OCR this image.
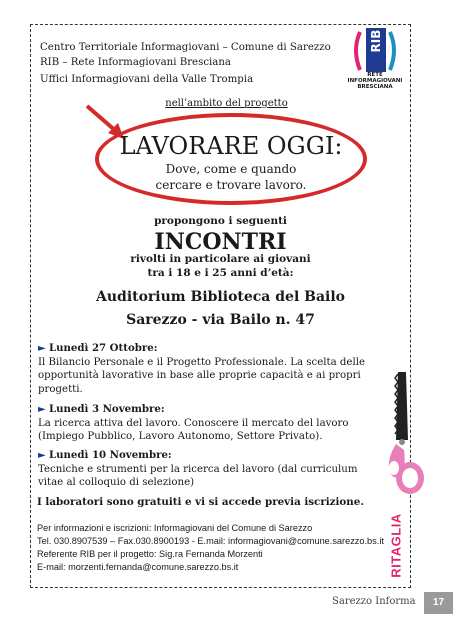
Centro Territoriale Informagiovani – Comune di Sarezzo
RIB – Rete Informagiovani Bresciana
Uffici Informagiovani della Valle Trompia
RIB
RETE
INFORMAGIOVANI
BRESCIANA
nell’ambito del progetto
LAVORARE OGGI:
Dove, come e quando
cercare e trovare lavoro.
propongono i seguenti
INCONTRI
rivolti in particolare ai giovani
tra i 18 e i 25 anni d’età:
Auditorium Biblioteca del Bailo
Sarezzo - via Bailo n. 47
► Lunedì 27 Ottobre:
Il Bilancio Personale e il Progetto Professionale. La scelta delle opportunità lavorative in base alle proprie capacità e ai propri progetti.
► Lunedì 3 Novembre:
La ricerca attiva del lavoro. Conoscere il mercato del lavoro (Impiego Pubblico, Lavoro Autonomo, Settore Privato).
► Lunedì 10 Novembre:
Tecniche e strumenti per la ricerca del lavoro (dal curriculum vitae al colloquio di selezione)
I laboratori sono gratuiti e vi si accede previa iscrizione.
Per informazioni e iscrizioni: Informagiovani del Comune di Sarezzo
Tel. 030.8907539 – Fax.030.8900193 - E.mail: informagiovani@comune.sarezzo.bs.it
Referente RIB per il progetto: Sig.ra Fernanda Morzenti
E-mail: morzenti.fernanda@comune.sarezzo.bs.it	RITAGLIA
Sarezzo Informa	17
